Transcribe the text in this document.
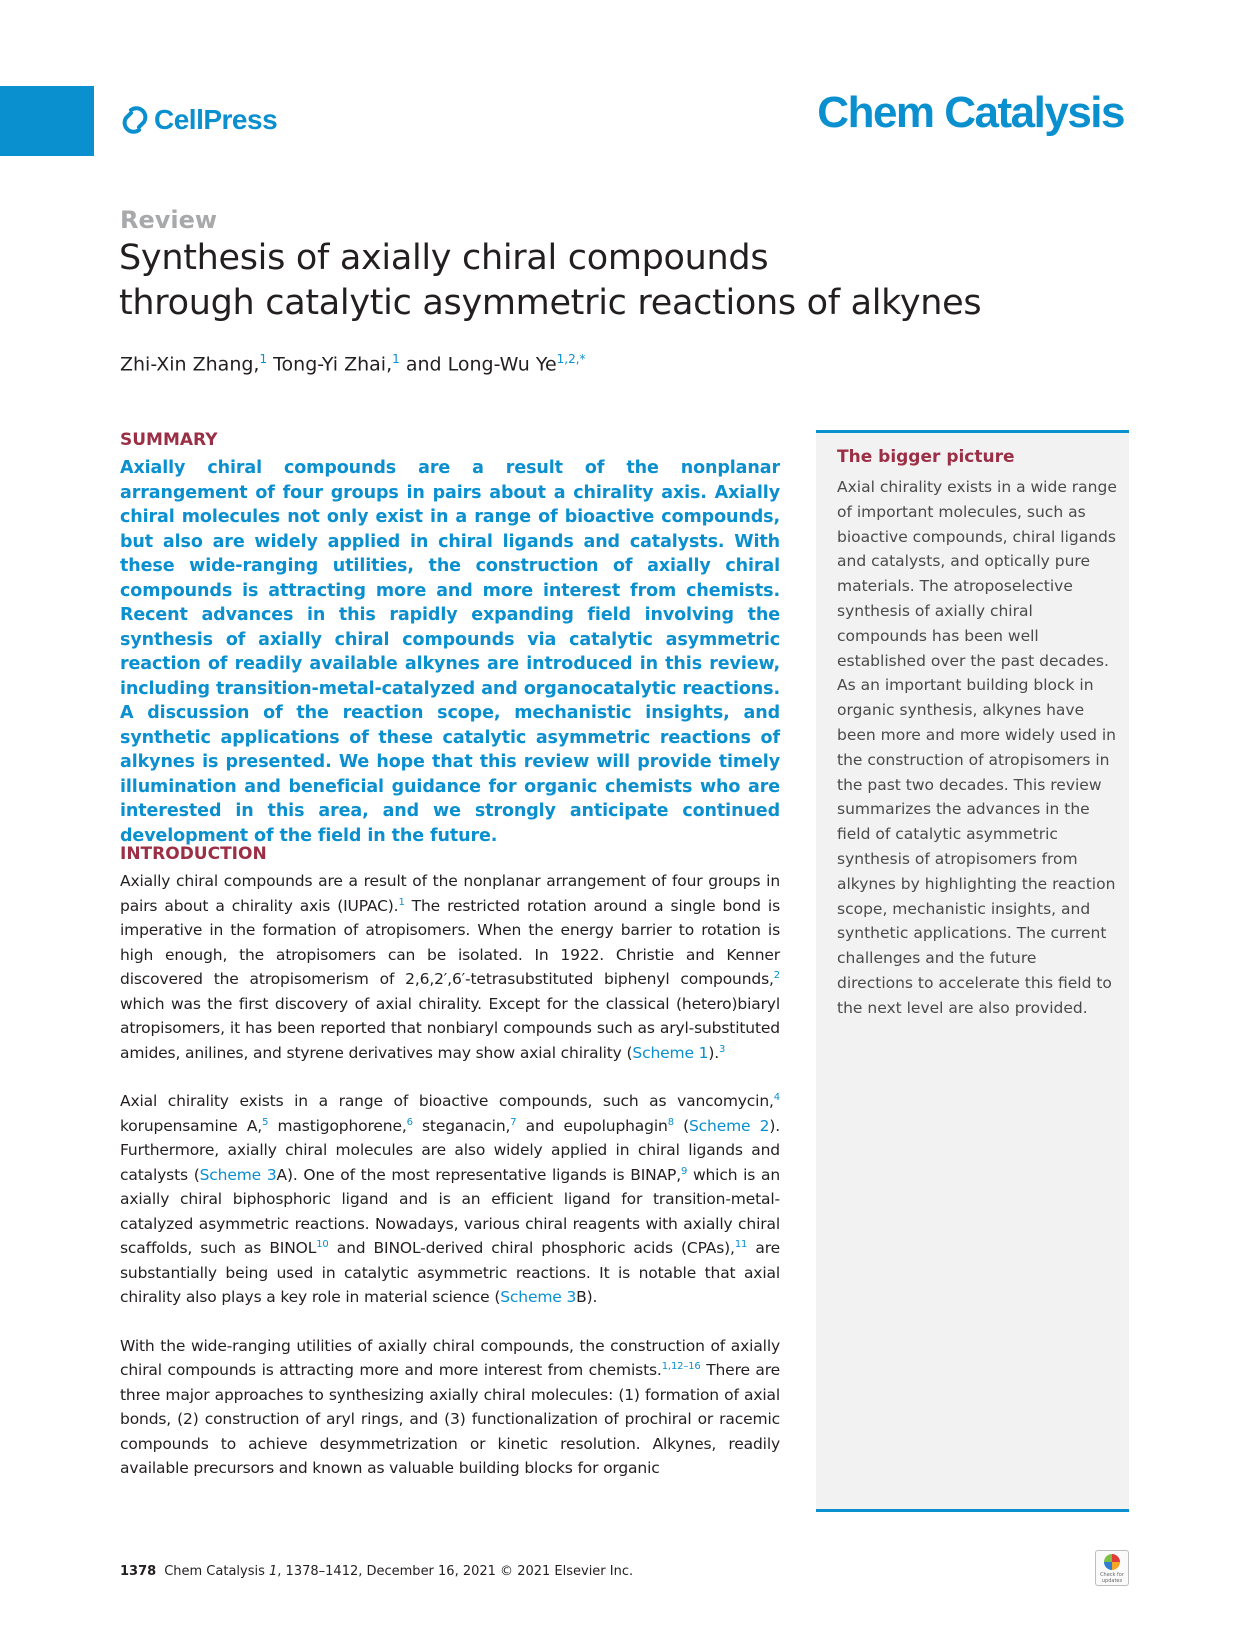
CellPress	Chem Catalysis
Review
Synthesis of axially chiral compounds
through catalytic asymmetric reactions of alkynes
Zhi-Xin Zhang,$^1$ Tong-Yi Zhai,$^1$ and Long-Wu $Ye^{1,2,*}$
SUMMARY

Axially chiral compounds are a result of the nonplanar arrangement of four groups in pairs about a chirality axis. Axially chiral molecules not only exist in a range of bioactive compounds, but also are widely applied in chiral ligands and catalysts. With these wide-ranging utilities, the construction of axially chiral compounds is attracting more and more interest from chemists. Recent advances in this rapidly expanding field involving the synthesis of axially chiral compounds via catalytic asymmetric reaction of readily available alkynes are introduced in this review, including transition-metal-catalyzed and organocatalytic reactions. A discussion of the reaction scope, mechanistic insights, and synthetic applications of these catalytic asymmetric reactions of alkynes is presented. We hope that this review will provide timely illumination and beneficial guidance for organic chemists who are interested in this area, and we strongly anticipate continued development of the field in the future.

INTRODUCTION

Axially chiral compounds are a result of the nonplanar arrangement of four groups in pairs about a chirality axis (IUPAC).$^1$ The restricted rotation around a single bond is imperative in the formation of atropisomers. When the energy barrier to rotation is high enough, the atropisomers can be isolated. In 1922. Christie and Kenner discovered the atropisomerism of 2,6,2′,6′-tetrasubstituted biphenyl compounds,$^2$ which was the first discovery of axial chirality. Except for the classical (hetero)biaryl atropisomers, it has been reported that nonbiaryl compounds such as aryl-substituted amides, anilines, and styrene derivatives may show axial chirality (Scheme 1).$^3$

Axial chirality exists in a range of bioactive compounds, such as vancomycin,$^4$ korupensamine A,$^5$ mastigophorene,$^6$ steganacin,$^7$ and eupoluphagin$^8$ (Scheme 2). Furthermore, axially chiral molecules are also widely applied in chiral ligands and catalysts (Scheme 3A). One of the most representative ligands is BINAP,$^9$ which is an axially chiral biphosphoric ligand and is an efficient ligand for transition-metal-catalyzed asymmetric reactions. Nowadays, various chiral reagents with axially chiral scaffolds, such as BINOL$^{10}$ and BINOL-derived chiral phosphoric acids (CPAs),$^{11}$ are substantially being used in catalytic asymmetric reactions. It is notable that axial chirality also plays a key role in material science (Scheme 3B).

With the wide-ranging utilities of axially chiral compounds, the construction of axially chiral compounds is attracting more and more interest from chemists.$^{1,12-16}$ There are three major approaches to synthesizing axially chiral molecules: (1) formation of axial bonds, (2) construction of aryl rings, and (3) functionalization of prochiral or racemic compounds to achieve desymmetrization or kinetic resolution. Alkynes, readily available precursors and known as valuable building blocks for organic

The bigger picture

Axial chirality exists in a wide range of important molecules, such as bioactive compounds, chiral ligands and catalysts, and optically pure materials. The atroposelective synthesis of axially chiral compounds has been well established over the past decades. As an important building block in organic synthesis, alkynes have been more and more widely used in the construction of atropisomers in the past two decades. This review summarizes the advances in the field of catalytic asymmetric synthesis of atropisomers from alkynes by highlighting the reaction scope, mechanistic insights, and synthetic applications. The current challenges and the future directions to accelerate this field to the next level are also provided.

1378 Chem Catalysis 1, 1378–1412, December 16, 2021 © 2021 Elsevier Inc.	Check for
updates
